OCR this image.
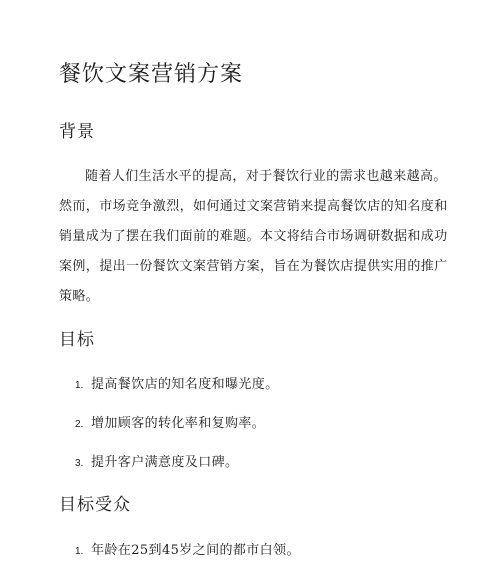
餐饮文案营销方案
背景

随着人们生活水平的提高，对于餐饮行业的需求也越来越高。
然而，市场竞争激烈，如何通过文案营销来提高餐饮店的知名度和
销量成为了摆在我们面前的难题。本文将结合市场调研数据和成功
案例，提出一份餐饮文案营销方案，旨在为餐饮店提供实用的推广
策略。

目标
1. 提高餐饮店的知名度和曝光度。
2. 增加顾客的转化率和复购率。
3. 提升客户满意度及口碑。
目标受众
1. 年龄在25到45岁之间的都市白领。
